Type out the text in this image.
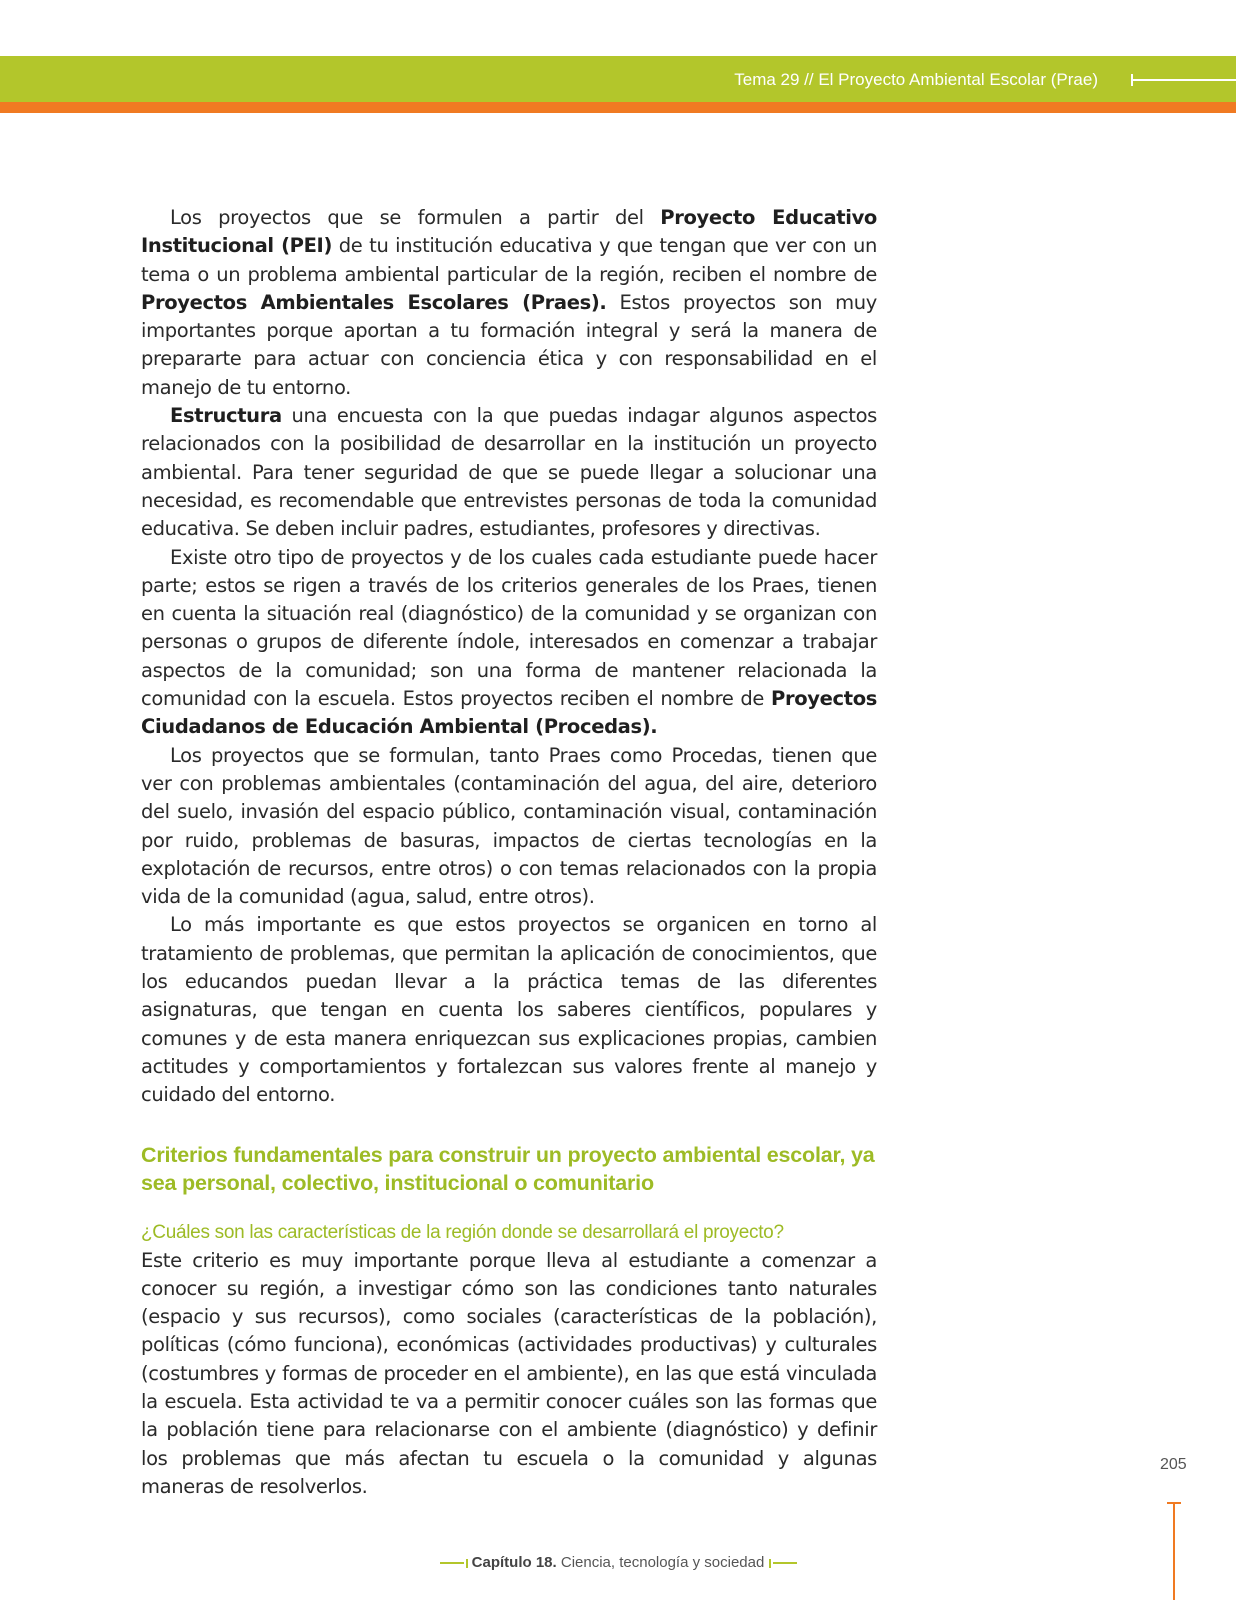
Tema 29 // El Proyecto Ambiental Escolar (Prae)

Los proyectos que se formulen a partir del Proyecto Educativo Institucional (PEI) de tu institución educativa y que tengan que ver con un tema o un problema ambiental particular de la región, reciben el nombre de Proyectos Ambientales Escolares (Praes). Estos proyectos son muy importantes porque aportan a tu formación integral y será la manera de prepararte para actuar con conciencia ética y con responsabilidad en el manejo de tu entorno.

Estructura una encuesta con la que puedas indagar algunos aspectos relacionados con la posibilidad de desarrollar en la institución un proyecto ambiental. Para tener seguridad de que se puede llegar a solucionar una necesidad, es recomendable que entrevistes personas de toda la comunidad educativa. Se deben incluir padres, estudiantes, profesores y directivas.

Existe otro tipo de proyectos y de los cuales cada estudiante puede hacer parte; estos se rigen a través de los criterios generales de los Praes, tienen en cuenta la situación real (diagnóstico) de la comunidad y se organizan con personas o grupos de diferente índole, interesados en comenzar a trabajar aspectos de la comunidad; son una forma de mantener relacionada la comunidad con la escuela. Estos proyectos reciben el nombre de Proyectos Ciudadanos de Educación Ambiental (Procedas).

Los proyectos que se formulan, tanto Praes como Procedas, tienen que ver con problemas ambientales (contaminación del agua, del aire, deterioro del suelo, invasión del espacio público, contaminación visual, contaminación por ruido, problemas de basuras, impactos de ciertas tecnologías en la explotación de recursos, entre otros) o con temas relacionados con la propia vida de la comunidad (agua, salud, entre otros).

Lo más importante es que estos proyectos se organicen en torno al tratamiento de problemas, que permitan la aplicación de conocimientos, que los educandos puedan llevar a la práctica temas de las diferentes asignaturas, que tengan en cuenta los saberes científicos, populares y comunes y de esta manera enriquezcan sus explicaciones propias, cambien actitudes y comportamientos y fortalezcan sus valores frente al manejo y cuidado del entorno.

Criterios fundamentales para construir un proyecto ambiental escolar, ya sea personal, colectivo, institucional o comunitario
¿Cuáles son las características de la región donde se desarrollará el proyecto?

Este criterio es muy importante porque lleva al estudiante a comenzar a conocer su región, a investigar cómo son las condiciones tanto naturales (espacio y sus recursos), como sociales (características de la población), políticas (cómo funciona), económicas (actividades productivas) y culturales (costumbres y formas de proceder en el ambiente), en las que está vinculada la escuela. Esta actividad te va a permitir conocer cuáles son las formas que la población tiene para relacionarse con el ambiente (diagnóstico) y definir los problemas que más afectan tu escuela o la comunidad y algunas maneras de resolverlos.

205
Capítulo 18. Ciencia, tecnología y sociedad
